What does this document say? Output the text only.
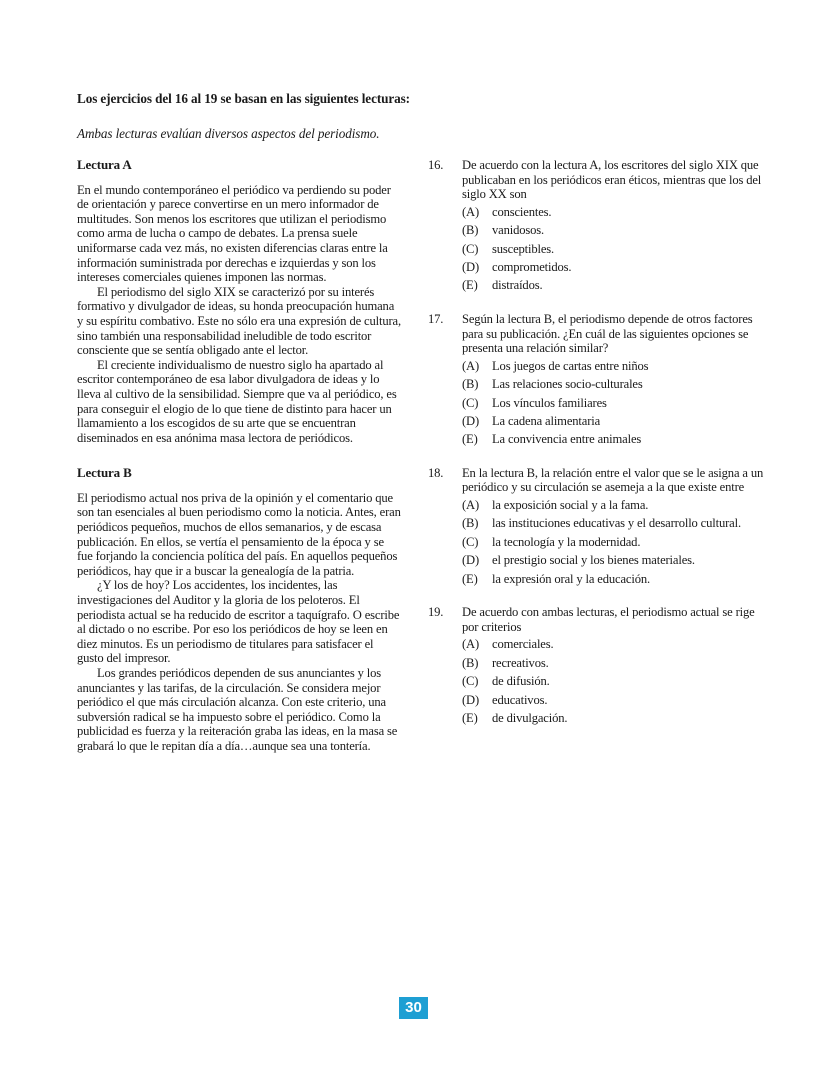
Los ejercicios del 16 al 19 se basan en las siguientes lecturas:
Ambas lecturas evalúan diversos aspectos del periodismo.
Lectura A

En el mundo contemporáneo el periódico va perdiendo su poder de orientación y parece convertirse en un mero informador de multitudes. Son menos los escritores que utilizan el periodismo como arma de lucha o campo de debates. La prensa suele uniformarse cada vez más, no existen diferencias claras entre la información suministrada por derechas e izquierdas y son los intereses comerciales quienes imponen las normas.

El periodismo del siglo XIX se caracterizó por su interés formativo y divulgador de ideas, su honda preocupación humana y su espíritu combativo. Este no sólo era una expresión de cultura, sino también una responsabilidad ineludible de todo escritor consciente que se sentía obligado ante el lector.

El creciente individualismo de nuestro siglo ha apartado al escritor contemporáneo de esa labor divulgadora de ideas y lo lleva al cultivo de la sensibilidad. Siempre que va al periódico, es para conseguir el elogio de lo que tiene de distinto para hacer un llamamiento a los escogidos de su arte que se encuentran diseminados en esa anónima masa lectora de periódicos.

Lectura B

El periodismo actual nos priva de la opinión y el comentario que son tan esenciales al buen periodismo como la noticia. Antes, eran periódicos pequeños, muchos de ellos semanarios, y de escasa publicación. En ellos, se vertía el pensamiento de la época y se fue forjando la conciencia política del país. En aquellos pequeños periódicos, hay que ir a buscar la genealogía de la patria.

¿Y los de hoy? Los accidentes, los incidentes, las investigaciones del Auditor y la gloria de los peloteros. El periodista actual se ha reducido de escritor a taquígrafo. O escribe al dictado o no escribe. Por eso los periódicos de hoy se leen en diez minutos. Es un periodismo de titulares para satisfacer el gusto del impresor.

Los grandes periódicos dependen de sus anunciantes y los anunciantes y las tarifas, de la circulación. Se considera mejor periódico el que más circulación alcanza. Con este criterio, una subversión radical se ha impuesto sobre el periódico. Como la publicidad es fuerza y la reiteración graba las ideas, en la masa se grabará lo que le repitan día a día…aunque sea una tontería.

16. De acuerdo con la lectura A, los escritores del siglo XIX que publicaban en los periódicos eran éticos, mientras que los del siglo XX son

(A) conscientes.
(B) vanidosos.
(C) susceptibles.
(D) comprometidos.
(E) distraídos.
17. Según la lectura B, el periodismo depende de otros factores para su publicación. ¿En cuál de las siguientes opciones se presenta una relación similar?

(A) Los juegos de cartas entre niños
(B) Las relaciones socio-culturales
(C) Los vínculos familiares
(D) La cadena alimentaria
(E) La convivencia entre animales
18. En la lectura B, la relación entre el valor que se le asigna a un periódico y su circulación se asemeja a la que existe entre

(A) la exposición social y a la fama.
(B) las instituciones educativas y el desarrollo cultural.
(C) la tecnología y la modernidad.
(D) el prestigio social y los bienes materiales.
(E) la expresión oral y la educación.
19. De acuerdo con ambas lecturas, el periodismo actual se rige por criterios

(A) comerciales.
(B) recreativos.
(C) de difusión.
(D) educativos.
(E) de divulgación.
30
